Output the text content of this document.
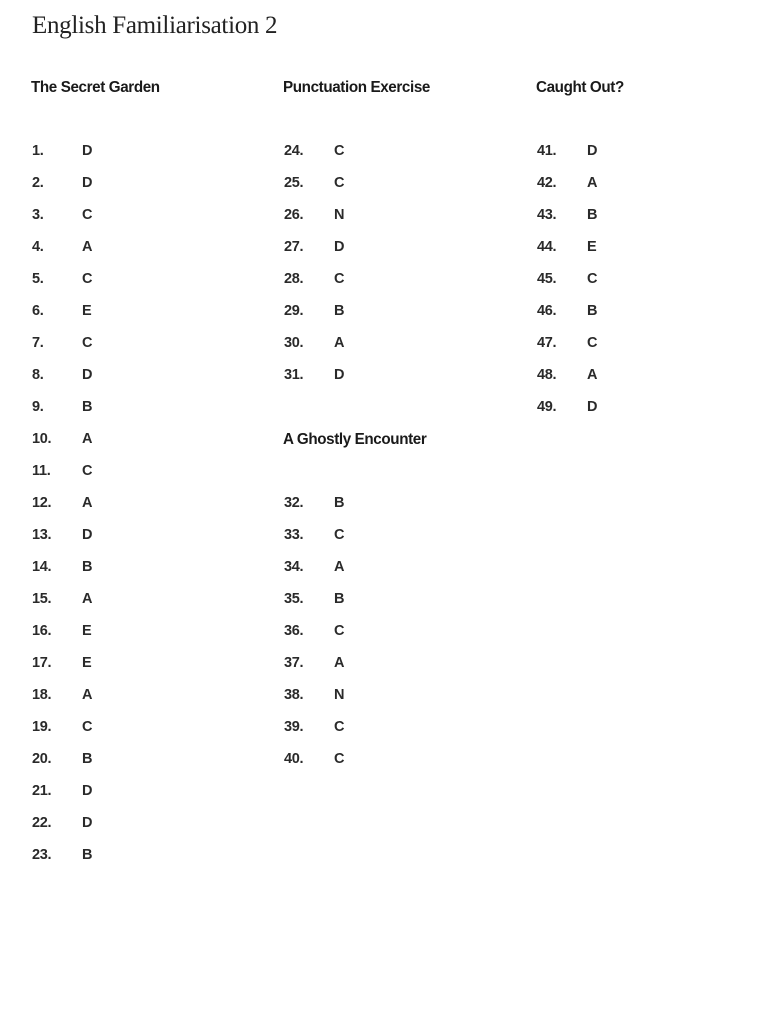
English Familiarisation 2
The Secret Garden	Punctuation Exercise	Caught Out?
A Ghostly Encounter
1.	D
2.	D
3.	C
4.	A
5.	C
6.	E
7.	C
8.	D
9.	B
10.	A
11.	C
12.	A
13.	D
14.	B
15.	A
16.	E
17.	E
18.	A
19.	C
20.	B
21.	D
22.	D
23.	B
24.	C
25.	C
26.	N
27.	D
28.	C
29.	B
30.	A
31.	D
41.	D
42.	A
43.	B
44.	E
45.	C
46.	B
47.	C
48.	A
49.	D
32.	B
33.	C
34.	A
35.	B
36.	C
37.	A
38.	N
39.	C
40.	C
